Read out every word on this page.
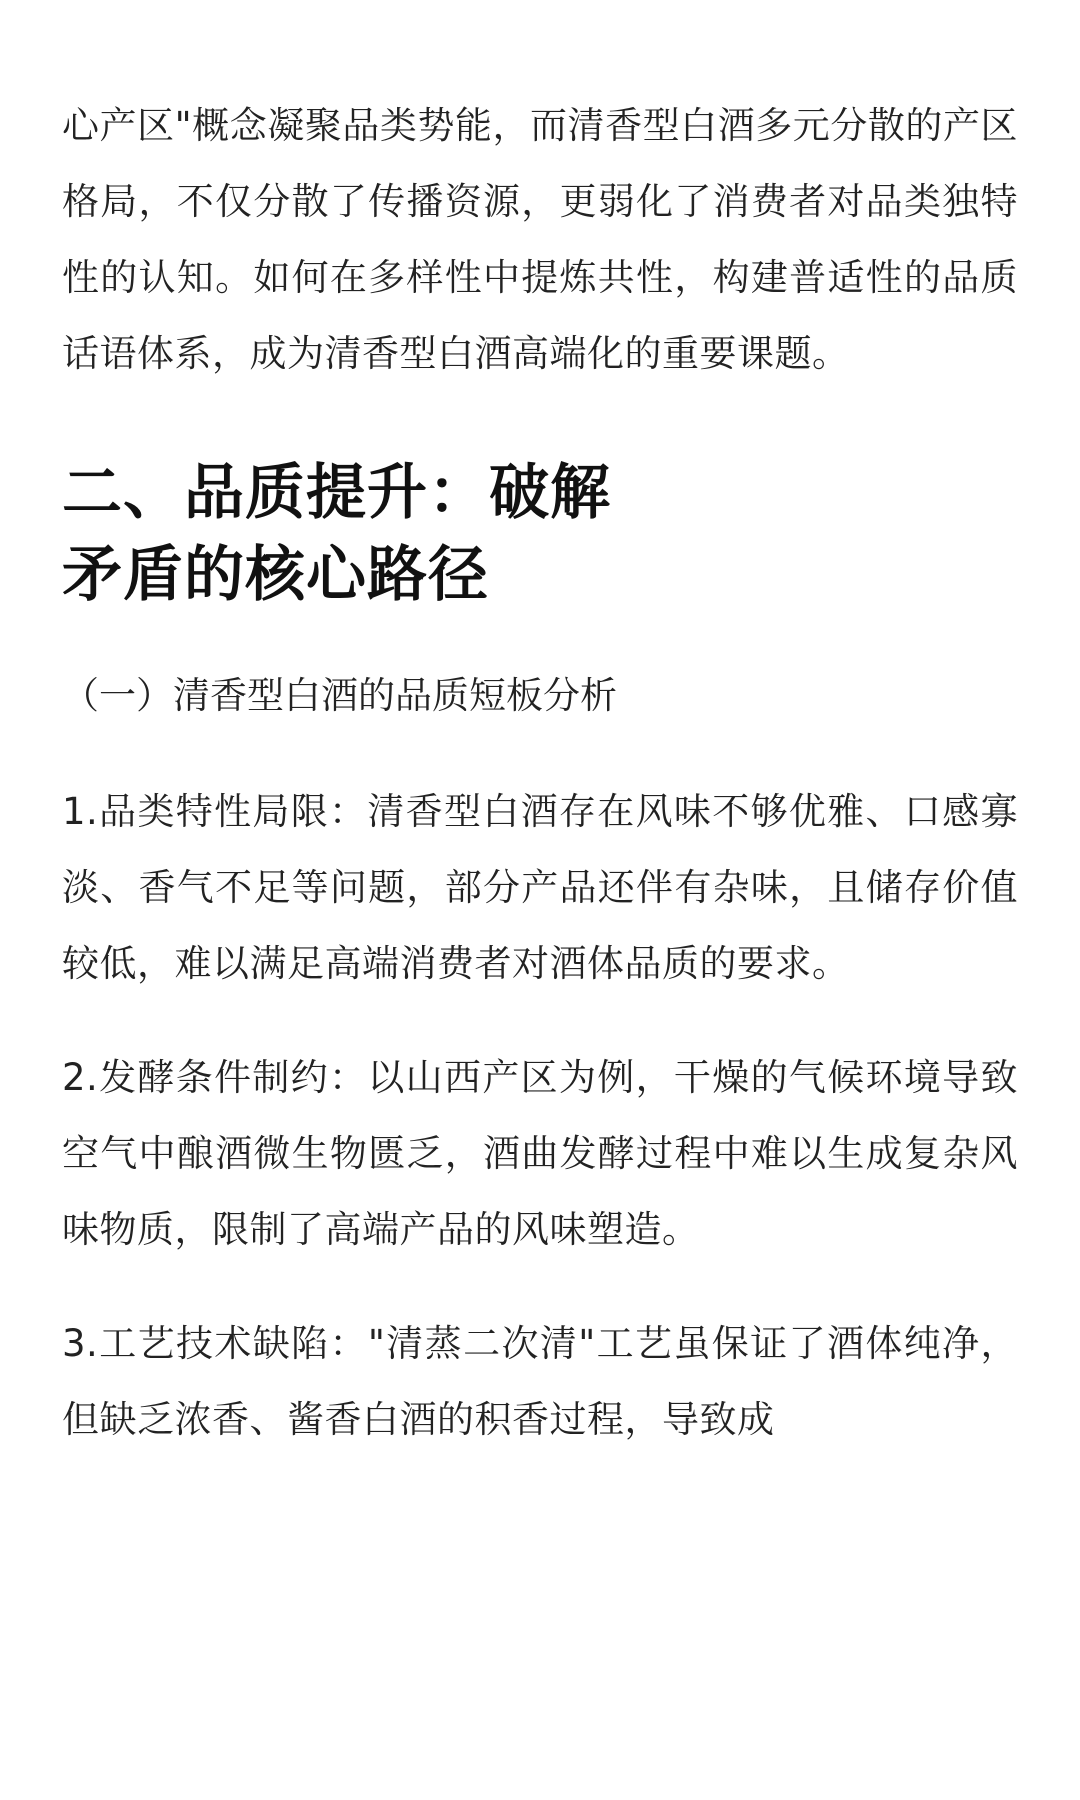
心产区"概念凝聚品类势能，而清香型白酒多元分散的产区格局，不仅分散了传播资源，更弱化了消费者对品类独特性的认知。如何在多样性中提炼共性，构建普适性的品质话语体系，成为清香型白酒高端化的重要课题。

二、品质提升：破解
矛盾的核心路径

（一）清香型白酒的品质短板分析

1.品类特性局限：清香型白酒存在风味不够优雅、口感寡淡、香气不足等问题，部分产品还伴有杂味，且储存价值较低，难以满足高端消费者对酒体品质的要求。

2.发酵条件制约：以山西产区为例，干燥的气候环境导致空气中酿酒微生物匮乏，酒曲发酵过程中难以生成复杂风味物质，限制了高端产品的风味塑造。

3.工艺技术缺陷："清蒸二次清"工艺虽保证了酒体纯净，但缺乏浓香、酱香白酒的积香过程，导致成
